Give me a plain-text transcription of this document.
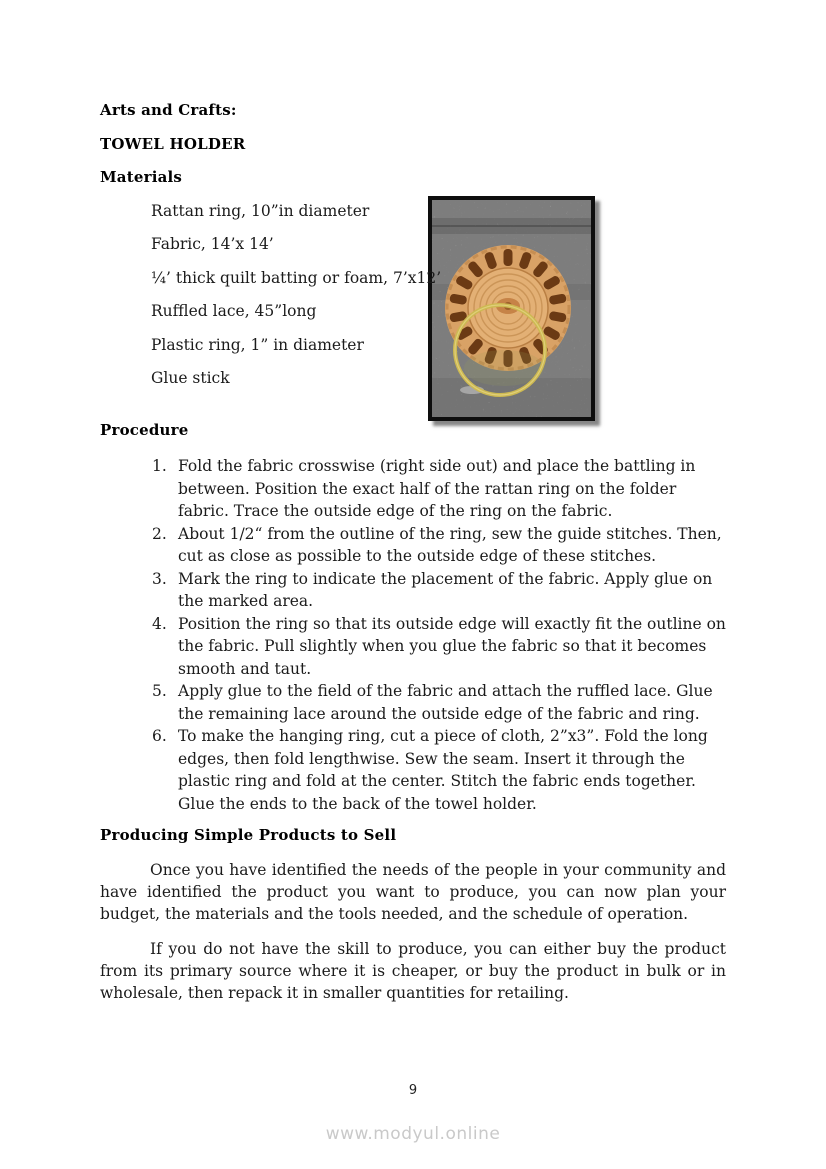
Arts and Crafts:
TOWEL HOLDER
Materials
Rattan ring, 10”in diameter
Fabric, 14’x 14’
¼’ thick quilt batting or foam, 7’x12’
Ruffled lace, 45”long
Plastic ring, 1” in diameter
Glue stick
Procedure
1. Fold the fabric crosswise (right side out) and place the battling in between. Position the exact half of the rattan ring on the folder fabric. Trace the outside edge of the ring on the fabric.
2. About 1/2“ from the outline of the ring, sew the guide stitches. Then, cut as close as possible to the outside edge of these stitches.
3. Mark the ring to indicate the placement of the fabric. Apply glue on the marked area.
4. Position the ring so that its outside edge will exactly fit the outline on the fabric. Pull slightly when you glue the fabric so that it becomes smooth and taut.
5. Apply glue to the field of the fabric and attach the ruffled lace. Glue the remaining lace around the outside edge of the fabric and ring.
6. To make the hanging ring, cut a piece of cloth, 2”x3”. Fold the long edges, then fold lengthwise. Sew the seam. Insert it through the plastic ring and fold at the center. Stitch the fabric ends together. Glue the ends to the back of the towel holder.
Producing Simple Products to Sell

Once you have identified the needs of the people in your community and have identified the product you want to produce, you can now plan your budget, the materials and the tools needed, and the schedule of operation.

If you do not have the skill to produce, you can either buy the product from its primary source where it is cheaper, or buy the product in bulk or in wholesale, then repack it in smaller quantities for retailing.

9
www.modyul.online
